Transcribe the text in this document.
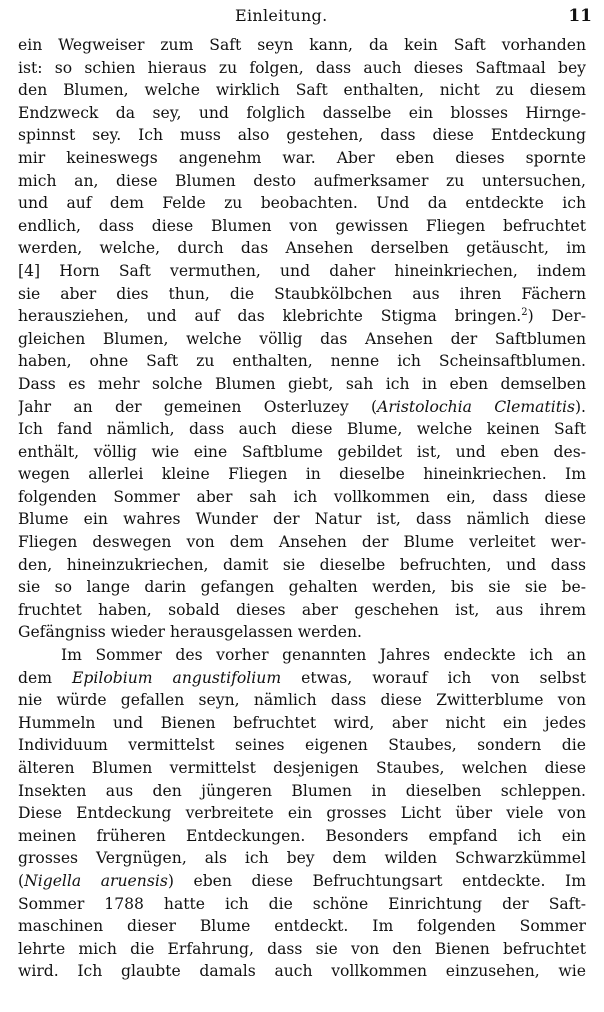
Einleitung.	11
ein Wegweiser zum Saft seyn kann, da kein Saft vorhanden
ist: so schien hieraus zu folgen, dass auch dieses Saftmaal bey
den Blumen, welche wirklich Saft enthalten, nicht zu diesem
Endzweck da sey, und folglich dasselbe ein blosses Hirnge-
spinnst sey. Ich muss also gestehen, dass diese Entdeckung
mir keineswegs angenehm war. Aber eben dieses spornte
mich an, diese Blumen desto aufmerksamer zu untersuchen,
und auf dem Felde zu beobachten. Und da entdeckte ich
endlich, dass diese Blumen von gewissen Fliegen befruchtet
werden, welche, durch das Ansehen derselben getäuscht, im
[4] Horn Saft vermuthen, und daher hineinkriechen, indem
sie aber dies thun, die Staubkölbchen aus ihren Fächern
herausziehen, und auf das klebrichte Stigma bringen.$^2$) Der-
gleichen Blumen, welche völlig das Ansehen der Saftblumen
haben, ohne Saft zu enthalten, nenne ich Scheinsaftblumen.
Dass es mehr solche Blumen giebt, sah ich in eben demselben
Jahr an der gemeinen Osterluzey (Aristolochia Clematitis).
Ich fand nämlich, dass auch diese Blume, welche keinen Saft
enthält, völlig wie eine Saftblume gebildet ist, und eben des-
wegen allerlei kleine Fliegen in dieselbe hineinkriechen. Im
folgenden Sommer aber sah ich vollkommen ein, dass diese
Blume ein wahres Wunder der Natur ist, dass nämlich diese
Fliegen deswegen von dem Ansehen der Blume verleitet wer-
den, hineinzukriechen, damit sie dieselbe befruchten, und dass
sie so lange darin gefangen gehalten werden, bis sie sie be-
fruchtet haben, sobald dieses aber geschehen ist, aus ihrem
Gefängniss wieder herausgelassen werden.
Im Sommer des vorher genannten Jahres endeckte ich an
dem Epilobium angustifolium etwas, worauf ich von selbst
nie würde gefallen seyn, nämlich dass diese Zwitterblume von
Hummeln und Bienen befruchtet wird, aber nicht ein jedes
Individuum vermittelst seines eigenen Staubes, sondern die
älteren Blumen vermittelst desjenigen Staubes, welchen diese
Insekten aus den jüngeren Blumen in dieselben schleppen.
Diese Entdeckung verbreitete ein grosses Licht über viele von
meinen früheren Entdeckungen. Besonders empfand ich ein
grosses Vergnügen, als ich bey dem wilden Schwarzkümmel
(Nigella aruensis) eben diese Befruchtungsart entdeckte. Im
Sommer 1788 hatte ich die schöne Einrichtung der Saft-
maschinen dieser Blume entdeckt. Im folgenden Sommer
lehrte mich die Erfahrung, dass sie von den Bienen befruchtet
wird. Ich glaubte damals auch vollkommen einzusehen, wie
